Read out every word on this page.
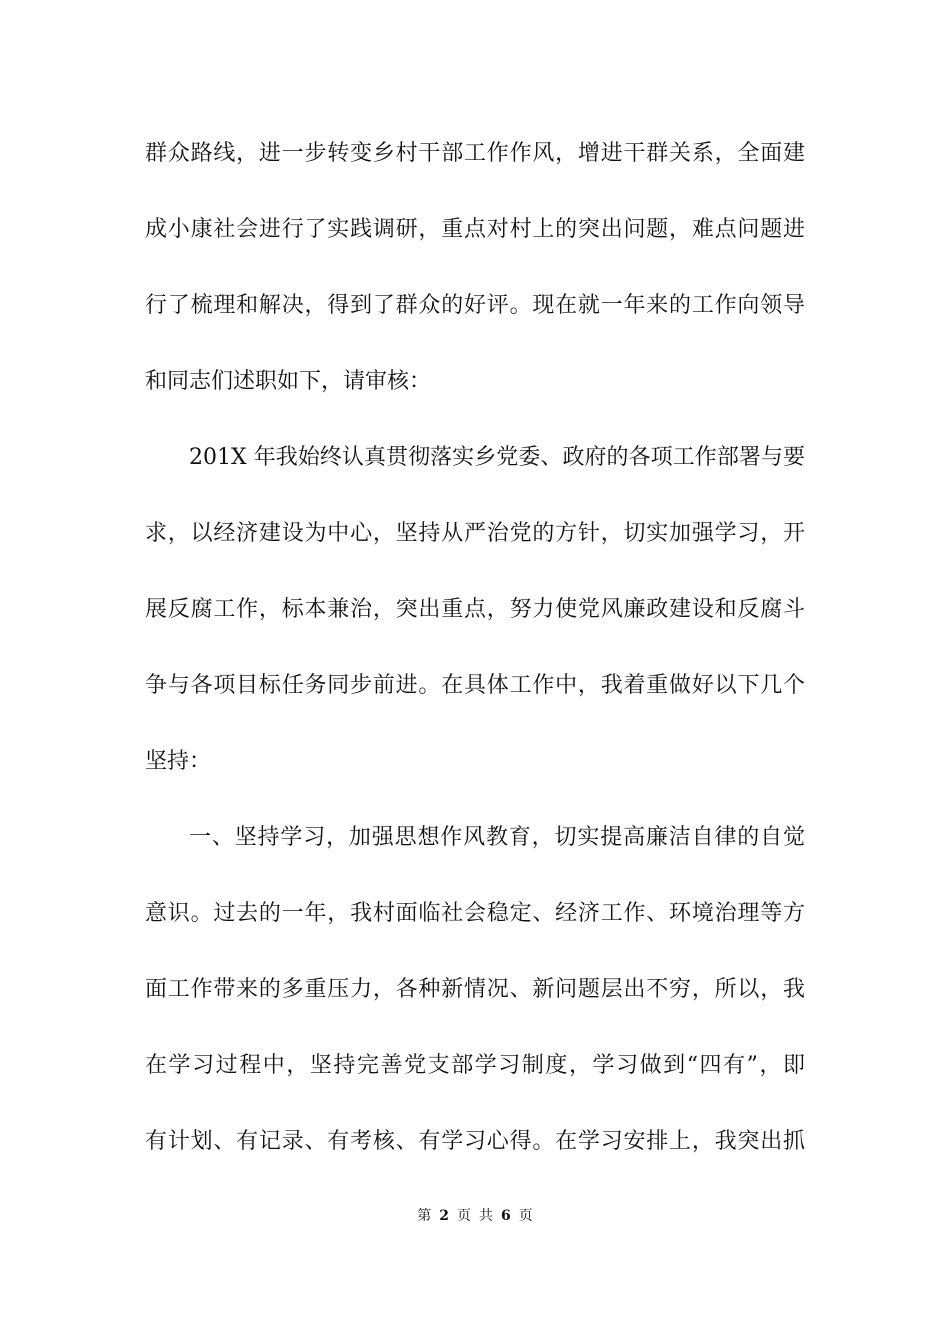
群众路线，进一步转变乡村干部工作作风，增进干群关系，全面建
成小康社会进行了实践调研，重点对村上的突出问题，难点问题进
行了梳理和解决，得到了群众的好评。现在就一年来的工作向领导
和同志们述职如下，请审核：
201X 年我始终认真贯彻落实乡党委、政府的各项工作部署与要
求，以经济建设为中心，坚持从严治党的方针，切实加强学习，开
展反腐工作，标本兼治，突出重点，努力使党风廉政建设和反腐斗
争与各项目标任务同步前进。在具体工作中，我着重做好以下几个
坚持：
一、坚持学习，加强思想作风教育，切实提高廉洁自律的自觉
意识。过去的一年，我村面临社会稳定、经济工作、环境治理等方
面工作带来的多重压力，各种新情况、新问题层出不穷，所以，我
在学习过程中，坚持完善党支部学习制度，学习做到“四有”，即
有计划、有记录、有考核、有学习心得。在学习安排上，我突出抓
第 2 页 共 6 页
